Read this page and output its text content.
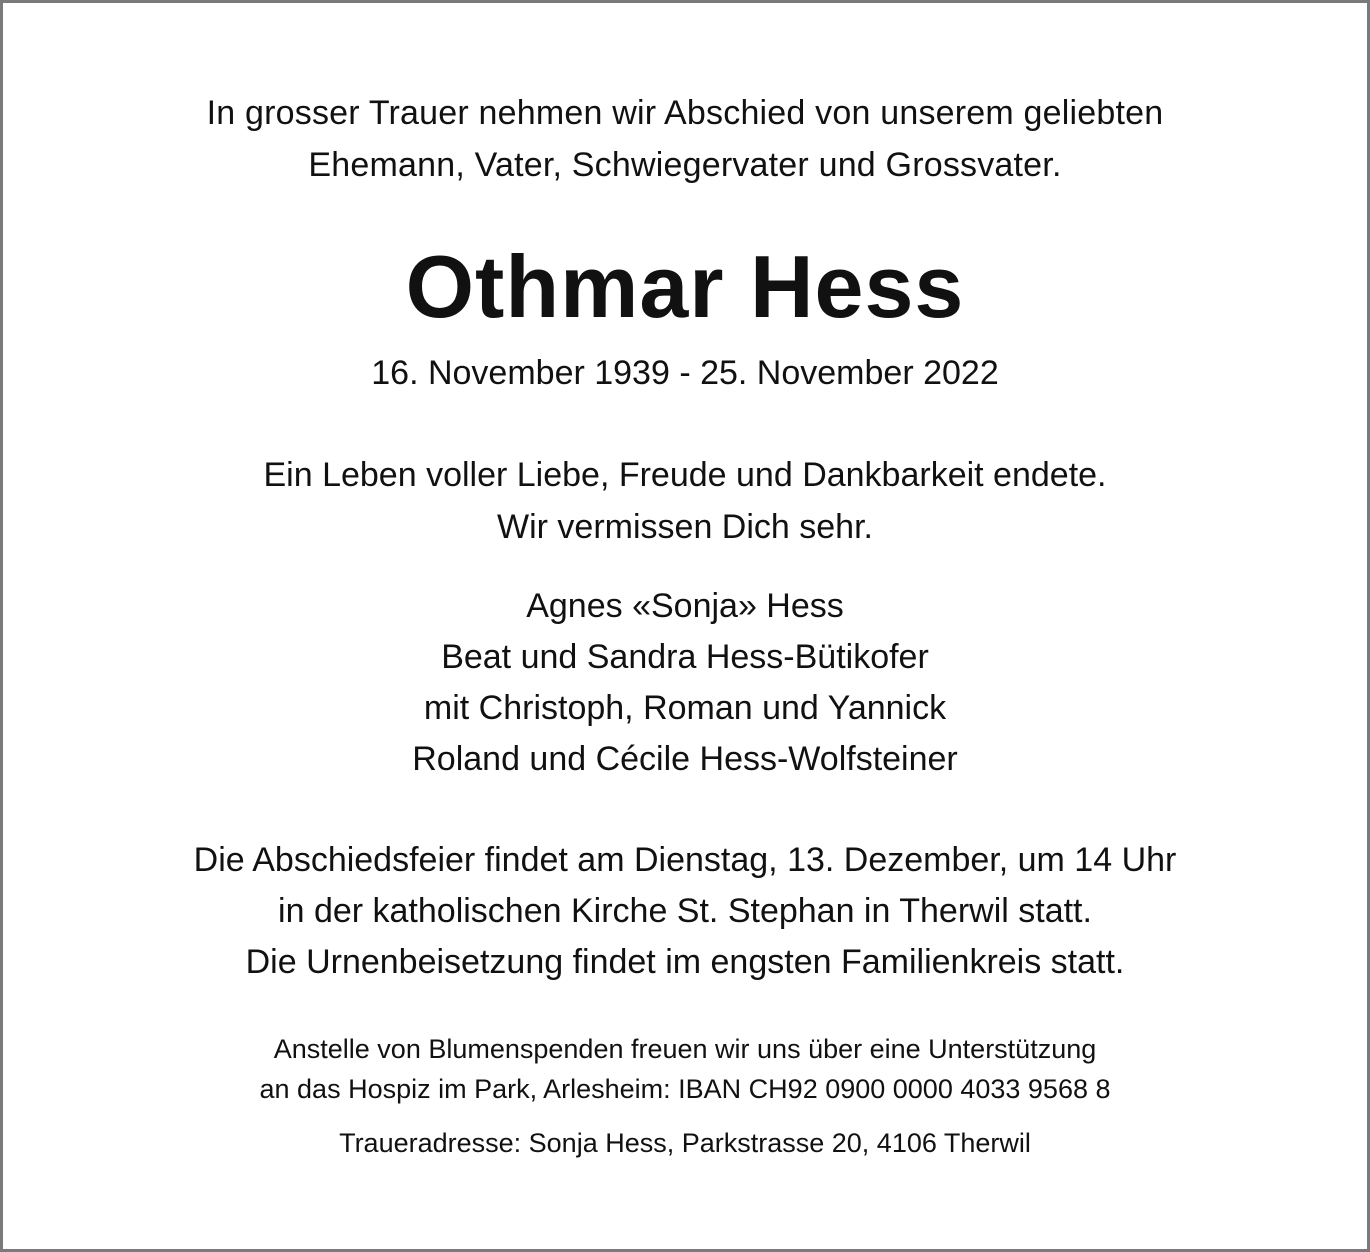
In grosser Trauer nehmen wir Abschied von unserem geliebten
Ehemann, Vater, Schwiegervater und Grossvater.
Othmar Hess
16. November 1939 - 25. November 2022
Ein Leben voller Liebe, Freude und Dankbarkeit endete.
Wir vermissen Dich sehr.
Agnes «Sonja» Hess
Beat und Sandra Hess-Bütikofer
mit Christoph, Roman und Yannick
Roland und Cécile Hess-Wolfsteiner
Die Abschiedsfeier findet am Dienstag, 13. Dezember, um 14 Uhr
in der katholischen Kirche St. Stephan in Therwil statt.
Die Urnenbeisetzung findet im engsten Familienkreis statt.
Anstelle von Blumenspenden freuen wir uns über eine Unterstützung
an das Hospiz im Park, Arlesheim: IBAN CH92 0900 0000 4033 9568 8
Traueradresse: Sonja Hess, Parkstrasse 20, 4106 Therwil
